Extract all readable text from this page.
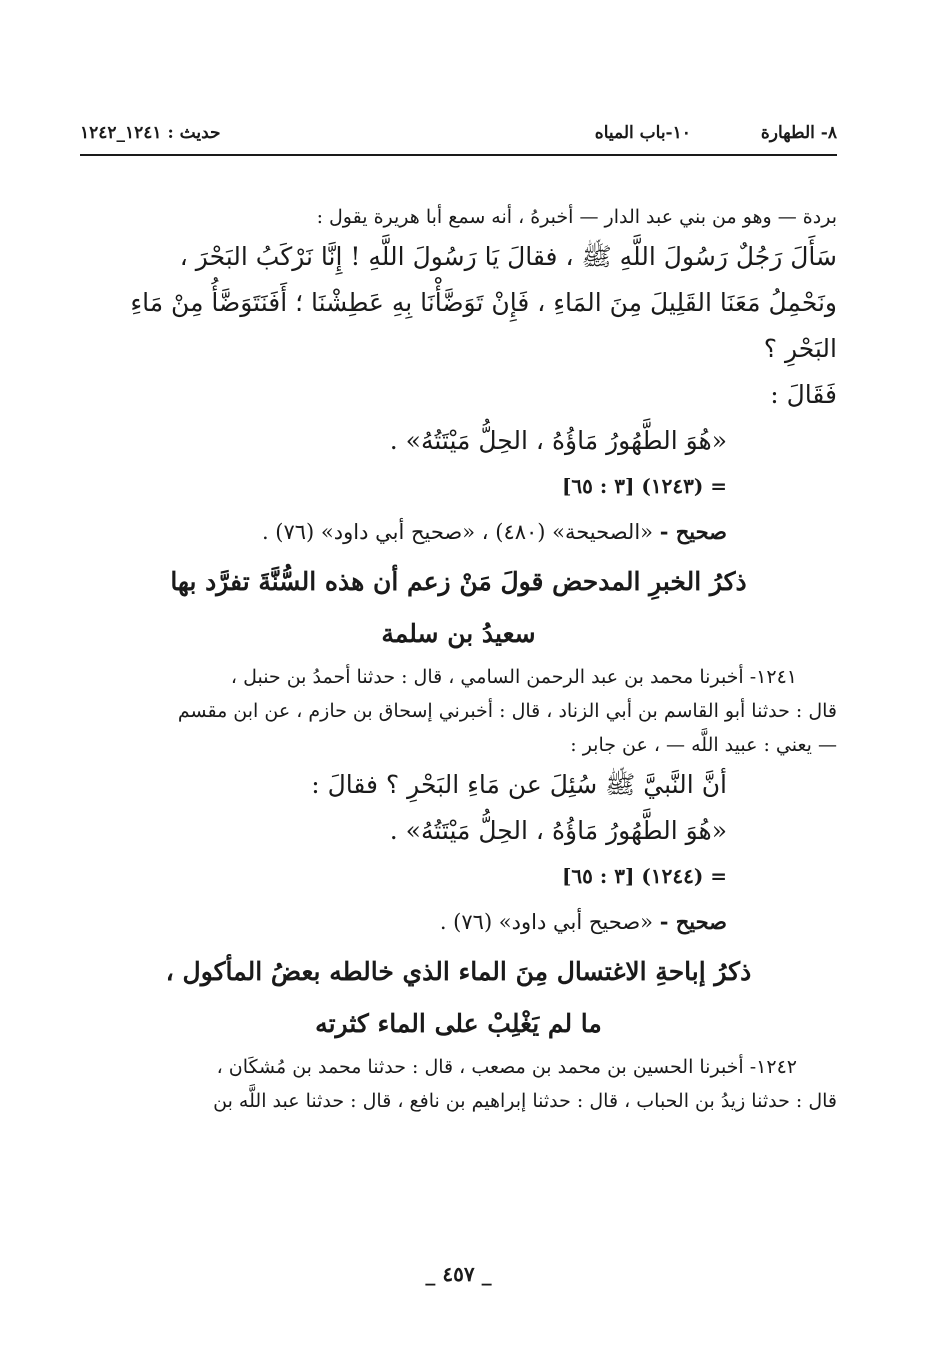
٨- الطهارة
١٠-باب المياه
حديث : ١٢٤١_١٢٤٢

بردة — وهو من بني عبد الدار — أخبرهُ ، أنه سمع أبا هريرة يقول :

سَأَلَ رَجُلٌ رَسُولَ اللَّهِ ﷺ ، فقالَ يَا رَسُولَ اللَّهِ ! إِنَّا نَرْكَبُ البَحْرَ ،

ونَحْمِلُ مَعَنَا القَلِيلَ مِنَ المَاءِ ، فَإِنْ تَوَضَّأْنَا بِهِ عَطِشْنَا ؛ أَفَنَتَوَضَّأُ مِنْ مَاءِ البَحْرِ ؟

فَقَالَ :

«هُوَ الطَّهُورُ مَاؤُهُ ، الحِلُّ مَيْتَتُهُ» .

= (١٢٤٣) [٣ : ٦٥]

صحيح - «الصحيحة» (٤٨٠) ، «صحيح أبي داود» (٧٦) .

ذكرُ الخبرِ المدحض قولَ مَنْ زعم أن هذه السُّنَّةَ تفرَّد بها

سعيدُ بن سلمة

١٢٤١- أخبرنا محمد بن عبد الرحمن السامي ، قال : حدثنا أحمدُ بن حنبل ،

قال : حدثنا أبو القاسم بن أبي الزناد ، قال : أخبرني إسحاق بن حازم ، عن ابن مقسم

— يعني : عبيد اللَّه — ، عن جابر :

أنَّ النَّبيَّ ﷺ سُئِلَ عن مَاءِ البَحْرِ ؟ فقالَ :

«هُوَ الطَّهُورُ مَاؤُهُ ، الحِلُّ مَيْتَتُهُ» .

= (١٢٤٤) [٣ : ٦٥]

صحيح - «صحيح أبي داود» (٧٦) .

ذكرُ إباحةِ الاغتسال مِنَ الماء الذي خالطه بعضُ المأكول ،

ما لم يَغْلِبْ على الماء كثرته

١٢٤٢- أخبرنا الحسين بن محمد بن مصعب ، قال : حدثنا محمد بن مُشكَان ،

قال : حدثنا زيدُ بن الحباب ، قال : حدثنا إبراهيم بن نافع ، قال : حدثنا عبد اللَّه بن

_ ٤٥٧ _
